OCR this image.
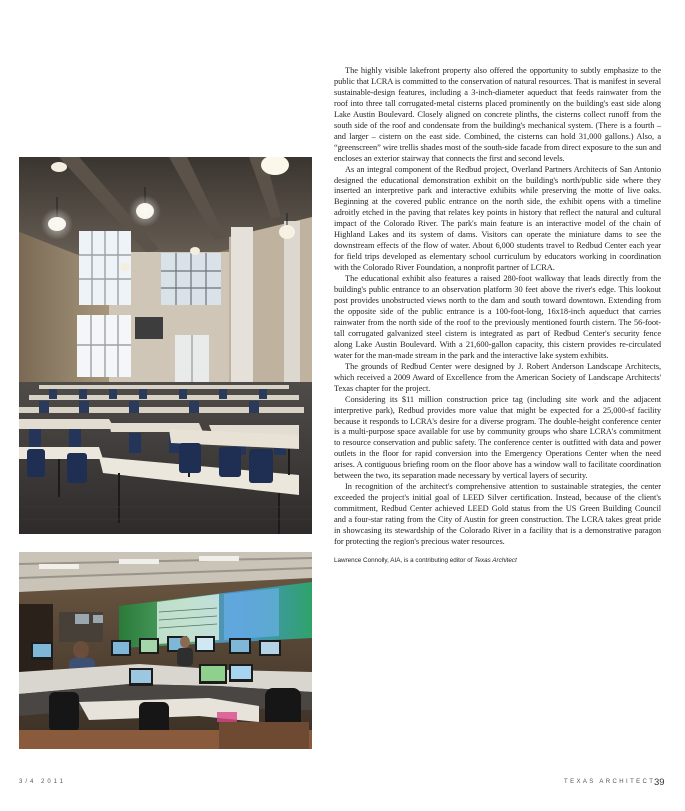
The highly visible lakefront property also offered the opportunity to subtly emphasize to the public that LCRA is committed to the conservation of natural resources. That is manifest in several sustainable-design features, including a 3-inch-diameter aqueduct that feeds rainwater from the roof into three tall corrugated-metal cisterns placed prominently on the building's east side along Lake Austin Boulevard. Closely aligned on concrete plinths, the cisterns collect runoff from the south side of the roof and condensate from the building's mechanical system. (There is a fourth – and larger – cistern on the east side. Combined, the cisterns can hold 31,000 gallons.) Also, a “greenscreen” wire trellis shades most of the south-side facade from direct exposure to the sun and encloses an exterior stairway that connects the first and second levels.

As an integral component of the Redbud project, Overland Partners Architects of San Antonio designed the educational demonstration exhibit on the building's north/public side where they inserted an interpretive park and interactive exhibits while preserving the motte of live oaks. Beginning at the covered public entrance on the north side, the exhibit opens with a timeline adroitly etched in the paving that relates key points in history that reflect the natural and cultural impact of the Colorado River. The park's main feature is an interactive model of the chain of Highland Lakes and its system of dams. Visitors can operate the miniature dams to see the downstream effects of the flow of water. About 6,000 students travel to Redbud Center each year for field trips developed as elementary school curriculum by educators working in coordination with the Colorado River Foundation, a nonprofit partner of LCRA.

The educational exhibit also features a raised 280-foot walkway that leads directly from the building's public entrance to an observation platform 30 feet above the river's edge. This lookout post provides unobstructed views north to the dam and south toward downtown. Extending from the opposite side of the public entrance is a 100-foot-long, 16x18-inch aqueduct that carries rainwater from the north side of the roof to the previously mentioned fourth cistern. The 56-foot-tall corrugated galvanized steel cistern is integrated as part of Redbud Center's security fence along Lake Austin Boulevard. With a 21,600-gallon capacity, this cistern provides re-circulated water for the man-made stream in the park and the interactive lake system exhibits.

The grounds of Redbud Center were designed by J. Robert Anderson Landscape Architects, which received a 2009 Award of Excellence from the American Society of Landscape Architects' Texas chapter for the project.

Considering its $11 million construction price tag (including site work and the adjacent interpretive park), Redbud provides more value that might be expected for a 25,000-sf facility because it responds to LCRA's desire for a diverse program. The double-height conference center is a multi-purpose space available for use by community groups who share LCRA's commitment to resource conservation and public safety. The conference center is outfitted with data and power outlets in the floor for rapid conversion into the Emergency Operations Center when the need arises. A contiguous briefing room on the floor above has a window wall to facilitate coordination between the two, its separation made necessary by vertical layers of security.

In recognition of the architect's comprehensive attention to sustainable strategies, the center exceeded the project's initial goal of LEED Silver certification. Instead, because of the client's commitment, Redbud Center achieved LEED Gold status from the US Green Building Council and a four-star rating from the City of Austin for green construction. The LCRA takes great pride in showcasing its stewardship of the Colorado River in a facility that is a demonstrative paragon for protecting the region's precious water resources.

Lawrence Connolly, AIA, is a contributing editor of Texas Architect

3/4 2011	TEXAS ARCHITECT
39
